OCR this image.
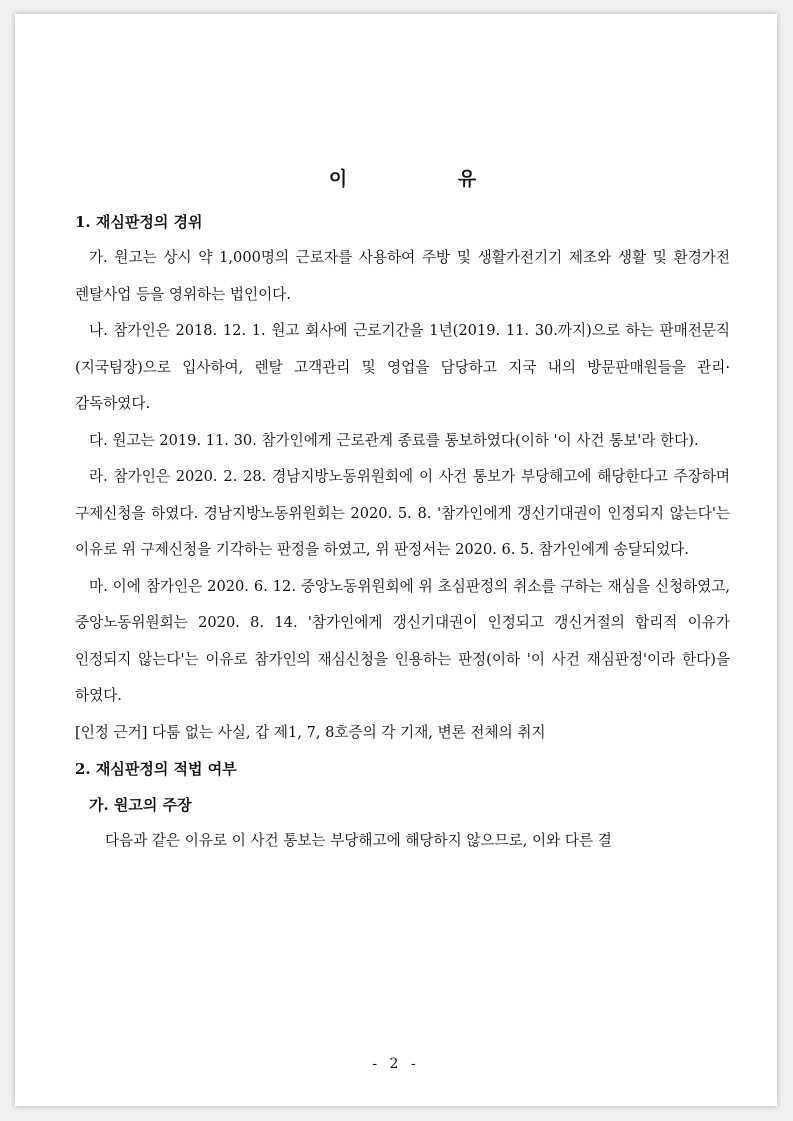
이 유
1. 재심판정의 경위
가. 원고는 상시 약 1,000명의 근로자를 사용하여 주방 및 생활가전기기 제조와 생활 및 환경가전 렌탈사업 등을 영위하는 법인이다.
나. 참가인은 2018. 12. 1. 원고 회사에 근로기간을 1년(2019. 11. 30.까지)으로 하는 판매전문직(지국팀장)으로 입사하여, 렌탈 고객관리 및 영업을 담당하고 지국 내의 방문판매원들을 관리·감독하였다.
다. 원고는 2019. 11. 30. 참가인에게 근로관계 종료를 통보하였다(이하 '이 사건 통보'라 한다).
라. 참가인은 2020. 2. 28. 경남지방노동위원회에 이 사건 통보가 부당해고에 해당한다고 주장하며 구제신청을 하였다. 경남지방노동위원회는 2020. 5. 8. '참가인에게 갱신기대권이 인정되지 않는다'는 이유로 위 구제신청을 기각하는 판정을 하였고, 위 판정서는 2020. 6. 5. 참가인에게 송달되었다.
마. 이에 참가인은 2020. 6. 12. 중앙노동위원회에 위 초심판정의 취소를 구하는 재심을 신청하였고, 중앙노동위원회는 2020. 8. 14. '참가인에게 갱신기대권이 인정되고 갱신거절의 합리적 이유가 인정되지 않는다'는 이유로 참가인의 재심신청을 인용하는 판정(이하 '이 사건 재심판정'이라 한다)을 하였다.
[인정 근거] 다툼 없는 사실, 갑 제1, 7, 8호증의 각 기재, 변론 전체의 취지
2. 재심판정의 적법 여부
가. 원고의 주장
다음과 같은 이유로 이 사건 통보는 부당해고에 해당하지 않으므로, 이와 다른 결
- 2 -
